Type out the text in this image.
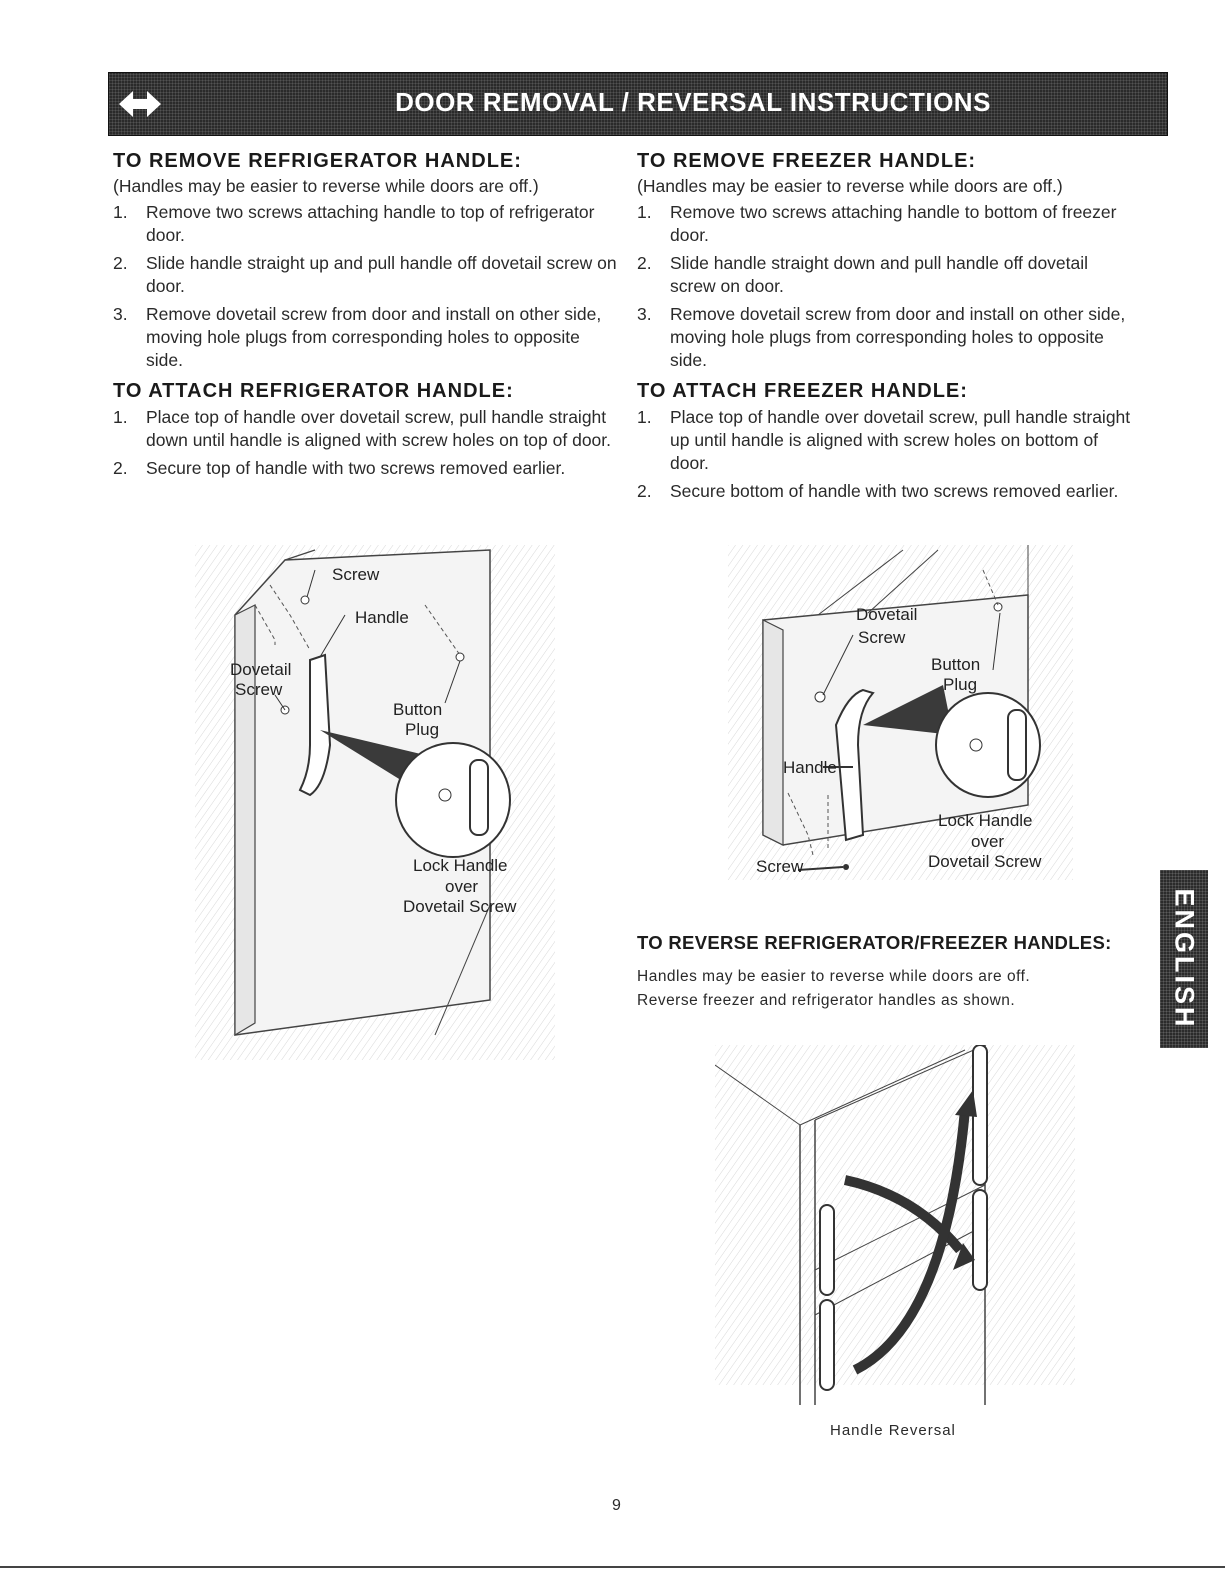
DOOR REMOVAL / REVERSAL INSTRUCTIONS
TO REMOVE REFRIGERATOR HANDLE:
(Handles may be easier to reverse while doors are off.)
1. Remove two screws attaching handle to top of refrigerator door.
2. Slide handle straight up and pull handle off dovetail screw on door.
3. Remove dovetail screw from door and install on other side, moving hole plugs from corresponding holes to opposite side.
TO ATTACH REFRIGERATOR HANDLE:
1. Place top of handle over dovetail screw, pull handle straight down until handle is aligned with screw holes on top of door.
2. Secure top of handle with two screws removed earlier.
TO REMOVE FREEZER HANDLE:
(Handles may be easier to reverse while doors are off.)
1. Remove two screws attaching handle to bottom of freezer door.
2. Slide handle straight down and pull handle off dovetail screw on door.
3. Remove dovetail screw from door and install on other side, moving hole plugs from corresponding holes to opposite side.
TO ATTACH FREEZER HANDLE:
1. Place top of handle over dovetail screw, pull handle straight up until handle is aligned with screw holes on bottom of door.
2. Secure bottom of handle with two screws removed earlier.
Screw
Handle
Dovetail
Screw
Button
Plug
Lock Handle
over
Dovetail Screw
Dovetail
Screw
Button
Plug
Handle
Lock Handle
over
Dovetail Screw
Screw
TO REVERSE REFRIGERATOR/FREEZER HANDLES:
Handles may be easier to reverse while doors are off.
Reverse freezer and refrigerator handles as shown.
Handle Reversal
ENGLISH
9
